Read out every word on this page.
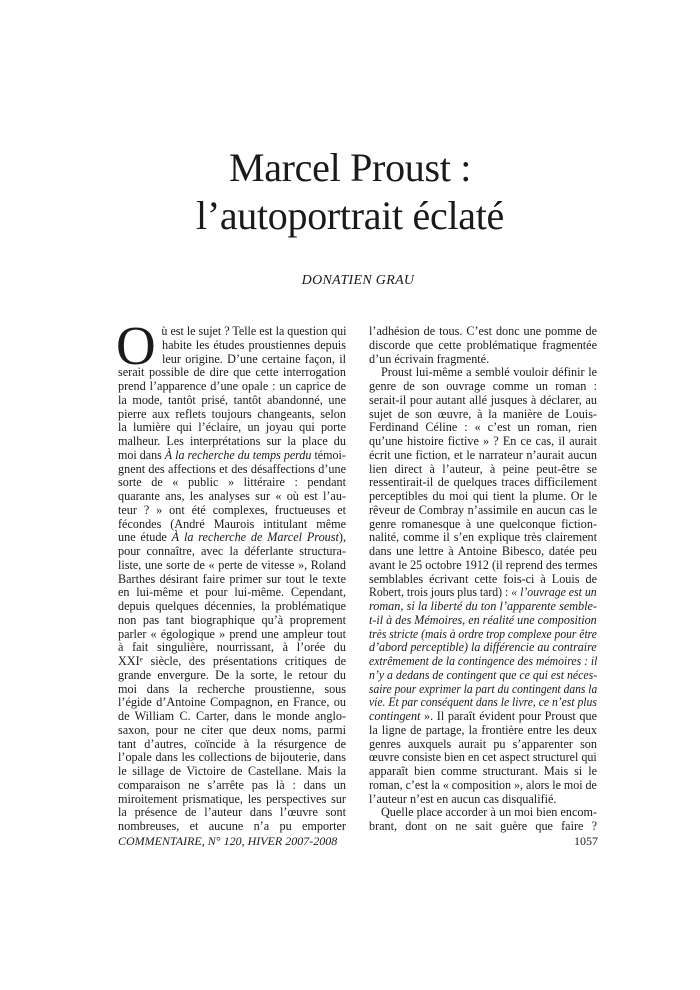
Marcel Proust :
l’autoportrait éclaté
DONATIEN GRAU
O ù est le sujet ? Telle est la question qui
habite les études proustiennes depuis
leur origine. D’une certaine façon, il
serait possible de dire que cette interrogation
prend l’apparence d’une opale : un caprice de
la mode, tantôt prisé, tantôt abandonné, une
pierre aux reflets toujours changeants, selon
la lumière qui l’éclaire, un joyau qui porte
malheur. Les interprétations sur la place du
moi dans À la recherche du temps perdu témoi-
gnent des affections et des désaffections d’une
sorte de « public » littéraire : pendant
quarante ans, les analyses sur « où est l’au-
teur ? » ont été complexes, fructueuses et
fécondes (André Maurois intitulant même
une étude À la recherche de Marcel Proust),
pour connaître, avec la déferlante structura-
liste, une sorte de « perte de vitesse », Roland
Barthes désirant faire primer sur tout le texte
en lui-même et pour lui-même. Cependant,
depuis quelques décennies, la problématique
non pas tant biographique qu’à proprement
parler « égologique » prend une ampleur tout
à fait singulière, nourrissant, à l’orée du
XXIᵉ siècle, des présentations critiques de
grande envergure. De la sorte, le retour du
moi dans la recherche proustienne, sous
l’égide d’Antoine Compagnon, en France, ou
de William C. Carter, dans le monde anglo-
saxon, pour ne citer que deux noms, parmi
tant d’autres, coïncide à la résurgence de
l’opale dans les collections de bijouterie, dans
le sillage de Victoire de Castellane. Mais la
comparaison ne s’arrête pas là : dans un
miroitement prismatique, les perspectives sur
la présence de l’auteur dans l’œuvre sont
nombreuses, et aucune n’a pu emporter
l’adhésion de tous. C’est donc une pomme de
discorde que cette problématique fragmentée
d’un écrivain fragmenté.
Proust lui-même a semblé vouloir définir le
genre de son ouvrage comme un roman :
serait-il pour autant allé jusques à déclarer, au
sujet de son œuvre, à la manière de Louis-
Ferdinand Céline : « c’est un roman, rien
qu’une histoire fictive » ? En ce cas, il aurait
écrit une fiction, et le narrateur n’aurait aucun
lien direct à l’auteur, à peine peut-être se
ressentirait-il de quelques traces difficilement
perceptibles du moi qui tient la plume. Or le
rêveur de Combray n’assimile en aucun cas le
genre romanesque à une quelconque fiction-
nalité, comme il s’en explique très clairement
dans une lettre à Antoine Bibesco, datée peu
avant le 25 octobre 1912 (il reprend des termes
semblables écrivant cette fois-ci à Louis de
Robert, trois jours plus tard) : « l’ouvrage est un
roman, si la liberté du ton l’apparente semble-
t-il à des Mémoires, en réalité une composition
très stricte (mais à ordre trop complexe pour être
d’abord perceptible) la différencie au contraire
extrêmement de la contingence des mémoires : il
n’y a dedans de contingent que ce qui est néces-
saire pour exprimer la part du contingent dans la
vie. Et par conséquent dans le livre, ce n’est plus
contingent ». Il paraît évident pour Proust que
la ligne de partage, la frontière entre les deux
genres auxquels aurait pu s’apparenter son
œuvre consiste bien en cet aspect structurel qui
apparaît bien comme structurant. Mais si le
roman, c’est la « composition », alors le moi de
l’auteur n’est en aucun cas disqualifié.
Quelle place accorder à un moi bien encom-
brant, dont on ne sait guère que faire ?
COMMENTAIRE, N° 120, HIVER 2007-2008	1057
